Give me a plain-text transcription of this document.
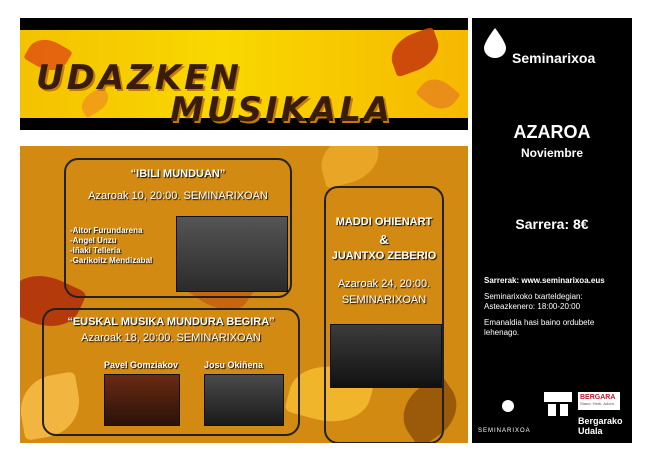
UDAZKEN
MUSIKALA
“IBILI MUNDUAN”
Azaroak 10, 20:00. SEMINARIXOAN
-Aitor Furundarena
-Angel Unzu
-Iñaki Telleria
-Garikoitz Mendizabal
MADDI OHIENART
&
JUANTXO ZEBERIO
Azaroak 24, 20:00.
SEMINARIXOAN
“EUSKAL MUSIKA MUNDURA BEGIRA”
Azaroak 18, 20:00. SEMINARIXOAN
Pavel Gomziakov	Josu Okiñena
Seminarixoa
AZAROA
Noviembre
Sarrera: 8€
Sarrerak: www.seminarixoa.eus
Seminarixoko txarteldegian:
Asteazkenero: 18:00-20:00
Emanaldia hasi baino ordubete
lehenago.
SEMINARIXOA
BERGARA
Stand. Herb. Adom.
Bergarako
Udala
